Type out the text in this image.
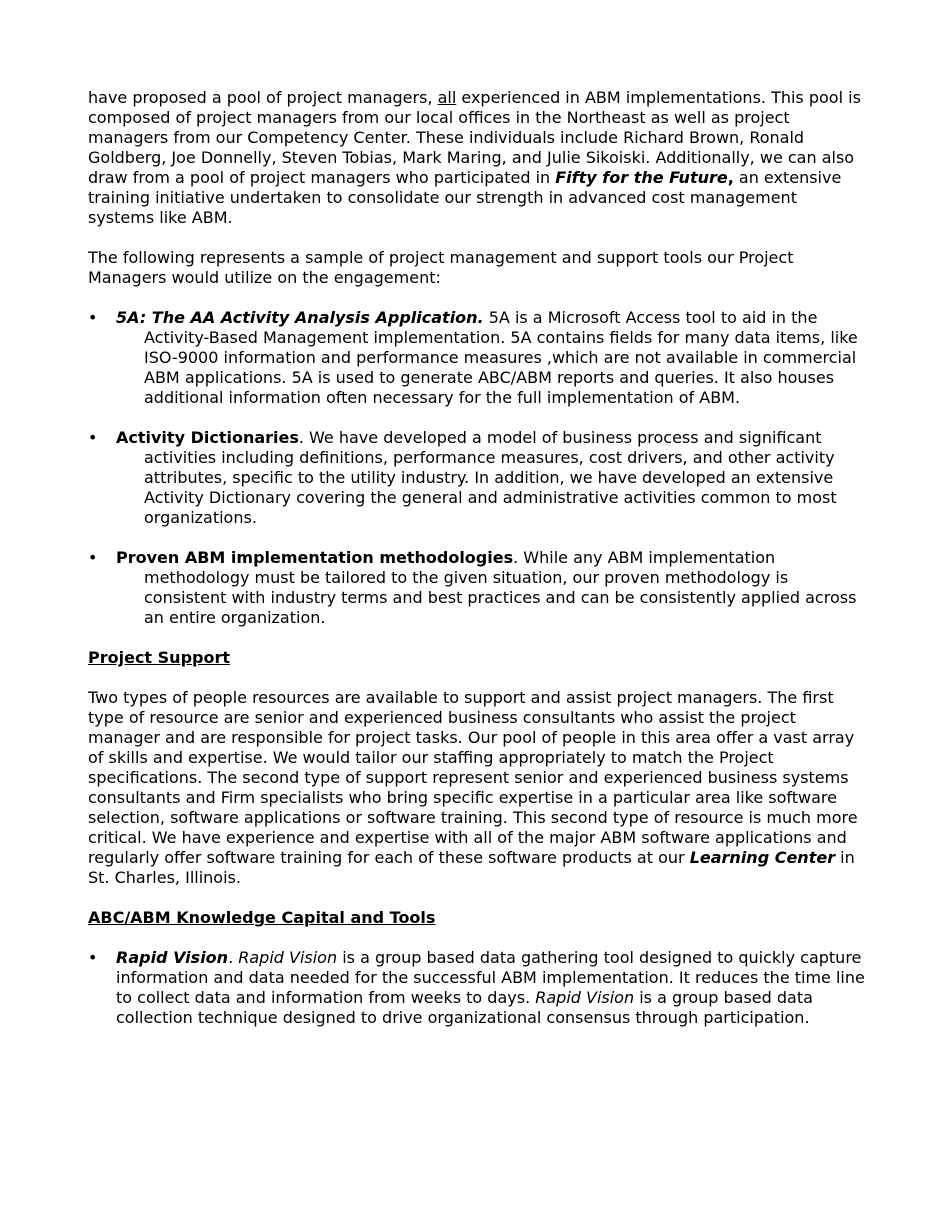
have proposed a pool of project managers, all experienced in ABM implementations. This pool is composed of project managers from our local offices in the Northeast as well as project managers from our Competency Center. These individuals include Richard Brown, Ronald Goldberg, Joe Donnelly, Steven Tobias, Mark Maring, and Julie Sikoiski. Additionally, we can also draw from a pool of project managers who participated in Fifty for the Future, an extensive training initiative undertaken to consolidate our strength in advanced cost management systems like ABM.

The following represents a sample of project management and support tools our Project Managers would utilize on the engagement:

•	5A: The AA Activity Analysis Application. 5A is a Microsoft Access tool to aid in the Activity-Based Management implementation. 5A contains fields for many data items, like ISO-9000 information and performance measures ,which are not available in commercial ABM applications. 5A is used to generate ABC/ABM reports and queries. It also houses additional information often necessary for the full implementation of ABM.

•	Activity Dictionaries. We have developed a model of business process and significant activities including definitions, performance measures, cost drivers, and other activity attributes, specific to the utility industry. In addition, we have developed an extensive Activity Dictionary covering the general and administrative activities common to most organizations.

•	Proven ABM implementation methodologies. While any ABM implementation methodology must be tailored to the given situation, our proven methodology is consistent with industry terms and best practices and can be consistently applied across an entire organization.

Project Support

Two types of people resources are available to support and assist project managers. The first type of resource are senior and experienced business consultants who assist the project manager and are responsible for project tasks. Our pool of people in this area offer a vast array of skills and expertise. We would tailor our staffing appropriately to match the Project specifications. The second type of support represent senior and experienced business systems consultants and Firm specialists who bring specific expertise in a particular area like software selection, software applications or software training. This second type of resource is much more critical. We have experience and expertise with all of the major ABM software applications and regularly offer software training for each of these software products at our Learning Center in St. Charles, Illinois.

ABC/ABM Knowledge Capital and Tools

•	Rapid Vision. Rapid Vision is a group based data gathering tool designed to quickly capture information and data needed for the successful ABM implementation. It reduces the time line to collect data and information from weeks to days. Rapid Vision is a group based data collection technique designed to drive organizational consensus through participation.
